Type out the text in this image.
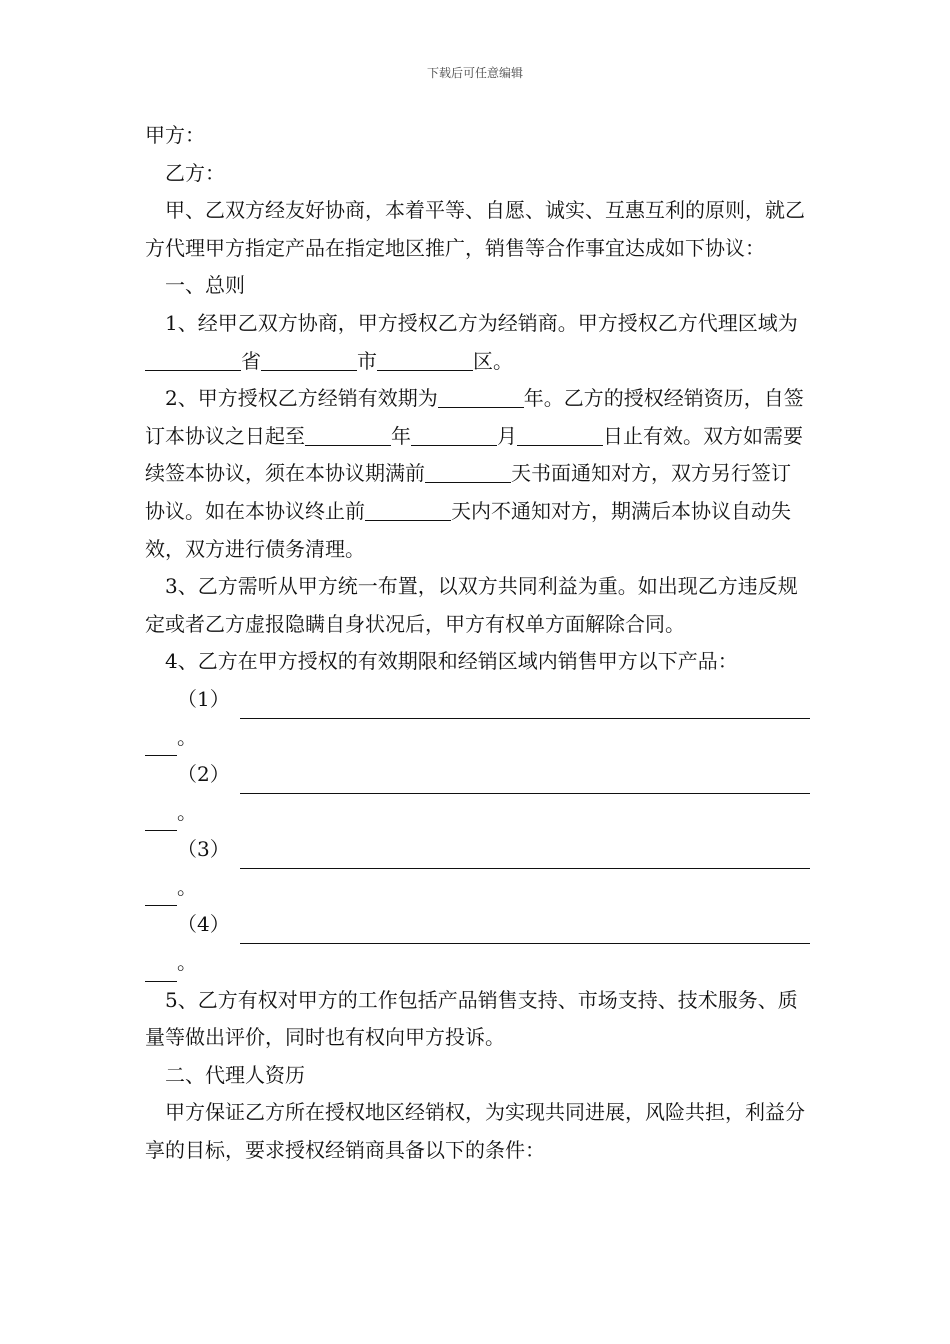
下载后可任意编辑

甲方：

乙方：

甲、乙双方经友好协商，本着平等、自愿、诚实、互惠互利的原则，就乙方代理甲方指定产品在指定地区推广，销售等合作事宜达成如下协议：

一、总则

1、经甲乙双方协商，甲方授权乙方为经销商。甲方授权乙方代理区域为省	市	区。

2、甲方授权乙方经销有效期为	年。乙方的授权经销资历，自签订本协议之日起至	年	月	日止有效。双方如需要续签本协议，须在本协议期满前	天书面通知对方，双方另行签订协议。如在本协议终止前	天内不通知对方，期满后本协议自动失效，双方进行债务清理。

3、乙方需听从甲方统一布置，以双方共同利益为重。如出现乙方违反规定或者乙方虚报隐瞒自身状况后，甲方有权单方面解除合同。

4、乙方在甲方授权的有效期限和经销区域内销售甲方以下产品：

（1）
。
（2）
。
（3）
。
（4）
。

5、乙方有权对甲方的工作包括产品销售支持、市场支持、技术服务、质量等做出评价，同时也有权向甲方投诉。

二、代理人资历

甲方保证乙方所在授权地区经销权，为实现共同进展，风险共担，利益分享的目标，要求授权经销商具备以下的条件：
